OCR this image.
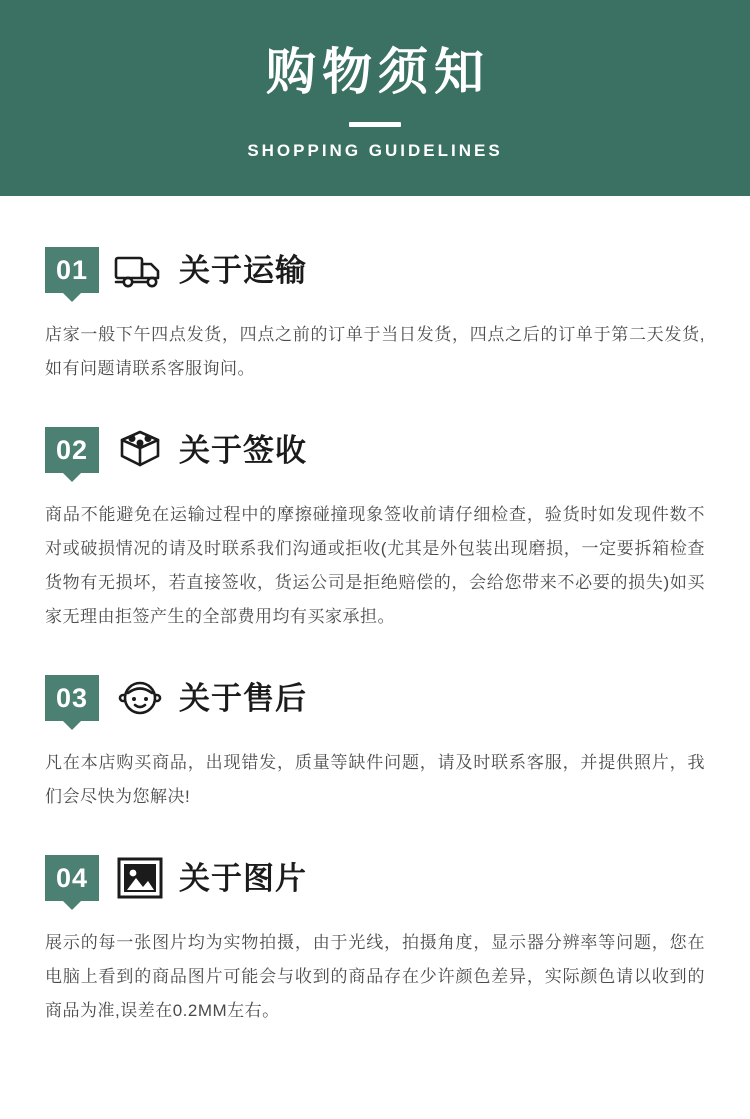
购物须知
SHOPPING GUIDELINES
01	关于运输
店家一般下午四点发货，四点之前的订单于当日发货，四点之后的订单于第二天发货,如有问题请联系客服询问。
02	关于签收
商品不能避免在运输过程中的摩擦碰撞现象签收前请仔细检查，验货时如发现件数不对或破损情况的请及时联系我们沟通或拒收(尤其是外包装出现磨损，一定要拆箱检查货物有无损坏，若直接签收，货运公司是拒绝赔偿的，会给您带来不必要的损失)如买家无理由拒签产生的全部费用均有买家承担。
03	关于售后
凡在本店购买商品，出现错发，质量等缺件问题，请及时联系客服，并提供照片，我们会尽快为您解决!
04	关于图片
展示的每一张图片均为实物拍摄，由于光线，拍摄角度，显示器分辨率等问题，您在电脑上看到的商品图片可能会与收到的商品存在少许颜色差异，实际颜色请以收到的商品为准,误差在0.2MM左右。
